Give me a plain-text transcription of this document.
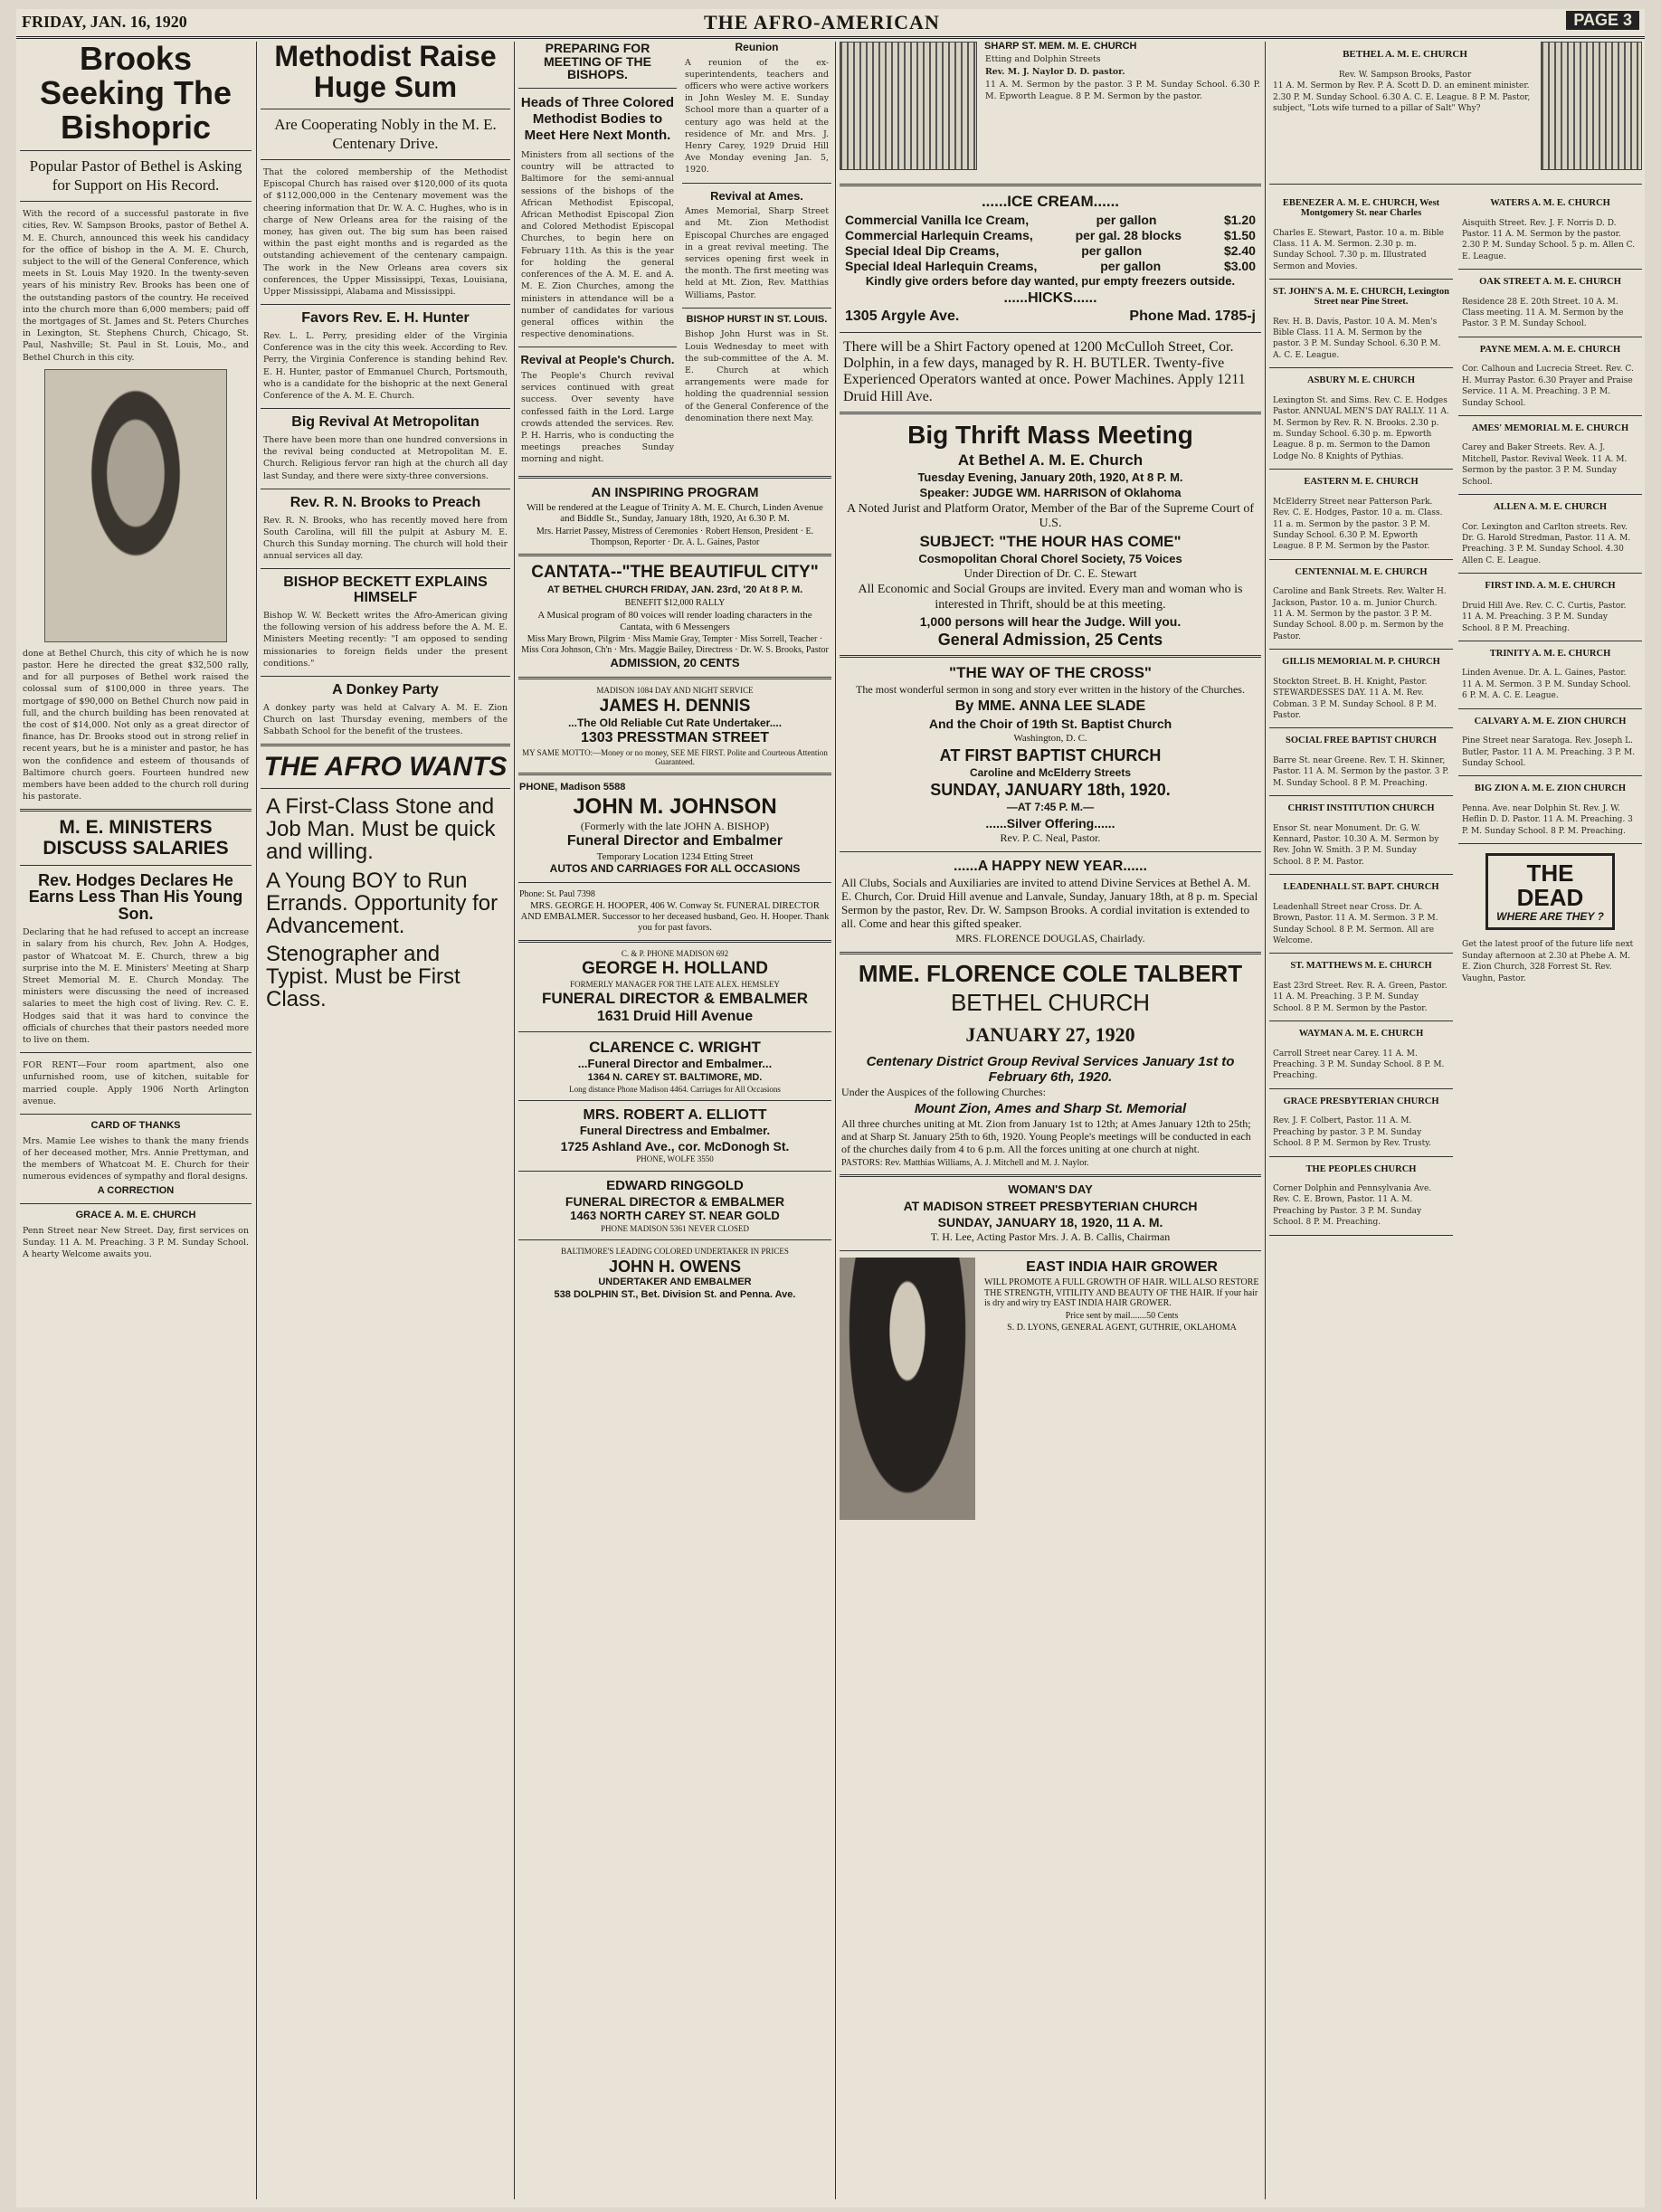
FRIDAY, JAN. 16, 1920	THE AFRO-AMERICAN	PAGE 3
Brooks Seeking The Bishopric

Popular Pastor of Bethel is Asking for Support on His Record.

With the record of a successful pastorate in five cities, Rev. W. Sampson Brooks, pastor of Bethel A. M. E. Church, announced this week his candidacy for the office of bishop in the A. M. E. Church, subject to the will of the General Conference, which meets in St. Louis May 1920. In the twenty-seven years of his ministry Rev. Brooks has been one of the outstanding pastors of the country. He received into the church more than 6,000 members; paid off the mortgages of St. James and St. Peters Churches in Lexington, St. Stephens Church, Chicago, St. Paul, Nashville; St. Paul in St. Louis, Mo., and Bethel Church in this city.

done at Bethel Church, this city of which he is now pastor. Here he directed the great $32,500 rally, and for all purposes of Bethel work raised the colossal sum of $100,000 in three years. The mortgage of $90,000 on Bethel Church now paid in full, and the church building has been renovated at the cost of $14,000. Not only as a great director of finance, has Dr. Brooks stood out in strong relief in recent years, but he is a minister and pastor, he has won the confidence and esteem of thousands of Baltimore church goers. Fourteen hundred new members have been added to the church roll during his pastorate.

M. E. MINISTERS DISCUSS SALARIES
Rev. Hodges Declares He Earns Less Than His Young Son.

Declaring that he had refused to accept an increase in salary from his church, Rev. John A. Hodges, pastor of Whatcoat M. E. Church, threw a big surprise into the M. E. Ministers' Meeting at Sharp Street Memorial M. E. Church Monday. The ministers were discussing the need of increased salaries to meet the high cost of living. Rev. C. E. Hodges said that it was hard to convince the officials of churches that their pastors needed more to live on them.

FOR RENT—Four room apartment, also one unfurnished room, use of kitchen, suitable for married couple. Apply 1906 North Arlington avenue.

CARD OF THANKS

Mrs. Mamie Lee wishes to thank the many friends of her deceased mother, Mrs. Annie Prettyman, and the members of Whatcoat M. E. Church for their numerous evidences of sympathy and floral designs.

A CORRECTION

GRACE A. M. E. CHURCH

Penn Street near New Street. Day, first services on Sunday. 11 A. M. Preaching. 3 P. M. Sunday School. A hearty Welcome awaits you.

Methodist Raise Huge Sum

Are Cooperating Nobly in the M. E. Centenary Drive.

That the colored membership of the Methodist Episcopal Church has raised over $120,000 of its quota of $112,000,000 in the Centenary movement was the cheering information that Dr. W. A. C. Hughes, who is in charge of New Orleans area for the raising of the money, has given out. The big sum has been raised within the past eight months and is regarded as the outstanding achievement of the centenary campaign. The work in the New Orleans area covers six conferences, the Upper Mississippi, Texas, Louisiana, Upper Mississippi, Alabama and Mississippi.

Favors Rev. E. H. Hunter

Rev. L. L. Perry, presiding elder of the Virginia Conference was in the city this week. According to Rev. Perry, the Virginia Conference is standing behind Rev. E. H. Hunter, pastor of Emmanuel Church, Portsmouth, who is a candidate for the bishopric at the next General Conference of the A. M. E. Church.

Big Revival At Metropolitan

There have been more than one hundred conversions in the revival being conducted at Metropolitan M. E. Church. Religious fervor ran high at the church all day last Sunday, and there were sixty-three conversions.

Rev. R. N. Brooks to Preach

Rev. R. N. Brooks, who has recently moved here from South Carolina, will fill the pulpit at Asbury M. E. Church this Sunday morning. The church will hold their annual services all day.

BISHOP BECKETT EXPLAINS HIMSELF

Bishop W. W. Beckett writes the Afro-American giving the following version of his address before the A. M. E. Ministers Meeting recently: "I am opposed to sending missionaries to foreign fields under the present conditions."

A Donkey Party

A donkey party was held at Calvary A. M. E. Zion Church on last Thursday evening, members of the Sabbath School for the benefit of the trustees.

THE AFRO WANTS

A First-Class Stone and Job Man. Must be quick and willing.

A Young BOY to Run Errands. Opportunity for Advancement.

Stenographer and Typist. Must be First Class.

PREPARING FOR MEETING OF THE BISHOPS.

Heads of Three Colored Methodist Bodies to Meet Here Next Month.

Ministers from all sections of the country will be attracted to Baltimore for the semi-annual sessions of the bishops of the African Methodist Episcopal, African Methodist Episcopal Zion and Colored Methodist Episcopal Churches, to begin here on February 11th. As this is the year for holding the general conferences of the A. M. E. and A. M. E. Zion Churches, among the ministers in attendance will be a number of candidates for various general offices within the respective denominations.

Revival at People's Church.

The People's Church revival services continued with great success. Over seventy have confessed faith in the Lord. Large crowds attended the services. Rev. P. H. Harris, who is conducting the meetings preaches Sunday morning and night.

Reunion

A reunion of the ex-superintendents, teachers and officers who were active workers in John Wesley M. E. Sunday School more than a quarter of a century ago was held at the residence of Mr. and Mrs. J. Henry Carey, 1929 Druid Hill Ave Monday evening Jan. 5, 1920.

Revival at Ames.

Ames Memorial, Sharp Street and Mt. Zion Methodist Episcopal Churches are engaged in a great revival meeting. The services opening first week in the month. The first meeting was held at Mt. Zion, Rev. Matthias Williams, Pastor.

BISHOP HURST IN ST. LOUIS.

Bishop John Hurst was in St. Louis Wednesday to meet with the sub-committee of the A. M. E. Church at which arrangements were made for holding the quadrennial session of the General Conference of the denomination there next May.

AN INSPIRING PROGRAM

Will be rendered at the League of Trinity A. M. E. Church, Linden Avenue and Biddle St., Sunday, January 18th, 1920, At 6.30 P. M.

Mrs. Harriet Passey, Mistress of Ceremonies · Robert Henson, President · E. Thompson, Reporter · Dr. A. L. Gaines, Pastor

CANTATA--"THE BEAUTIFUL CITY"

AT BETHEL CHURCH FRIDAY, JAN. 23rd, '20 At 8 P. M.

BENEFIT $12,000 RALLY

A Musical program of 80 voices will render loading characters in the Cantata, with 6 Messengers

Miss Mary Brown, Pilgrim · Miss Mamie Gray, Tempter · Miss Sorrell, Teacher · Miss Cora Johnson, Ch'n · Mrs. Maggie Bailey, Directress · Dr. W. S. Brooks, Pastor

ADMISSION, 20 CENTS

MADISON 1084 DAY AND NIGHT SERVICE

JAMES H. DENNIS

...The Old Reliable Cut Rate Undertaker....

1303 PRESSTMAN STREET

MY SAME MOTTO:—Money or no money, SEE ME FIRST. Polite and Courteous Attention Guaranteed.

PHONE, Madison 5588

JOHN M. JOHNSON

(Formerly with the late JOHN A. BISHOP)

Funeral Director and Embalmer

Temporary Location 1234 Etting Street

AUTOS AND CARRIAGES FOR ALL OCCASIONS

Phone: St. Paul 7398

MRS. GEORGE H. HOOPER, 406 W. Conway St. FUNERAL DIRECTOR AND EMBALMER. Successor to her deceased husband, Geo. H. Hooper. Thank you for past favors.

C. & P. PHONE MADISON 692

GEORGE H. HOLLAND

FORMERLY MANAGER FOR THE LATE ALEX. HEMSLEY

FUNERAL DIRECTOR & EMBALMER

1631 Druid Hill Avenue

CLARENCE C. WRIGHT

...Funeral Director and Embalmer...

1364 N. CAREY ST. BALTIMORE, MD.

Long distance Phone Madison 4464. Carriages for All Occasions

MRS. ROBERT A. ELLIOTT

Funeral Directress and Embalmer.

1725 Ashland Ave., cor. McDonogh St.

PHONE, WOLFE 3550

EDWARD RINGGOLD

FUNERAL DIRECTOR & EMBALMER

1463 NORTH CAREY ST. NEAR GOLD

PHONE MADISON 5361 NEVER CLOSED

BALTIMORE'S LEADING COLORED UNDERTAKER IN PRICES

JOHN H. OWENS

UNDERTAKER AND EMBALMER

538 DOLPHIN ST., Bet. Division St. and Penna. Ave.

SHARP ST. MEM. M. E. CHURCH

Etting and Dolphin Streets

Rev. M. J. Naylor D. D. pastor.

11 A. M. Sermon by the pastor. 3 P. M. Sunday School. 6.30 P. M. Epworth League. 8 P. M. Sermon by the pastor.

......ICE CREAM......

Commercial Vanilla Ice Cream,	per gallon	$1.20
Commercial Harlequin Creams,	per gal. 28 blocks	$1.50
Special Ideal Dip Creams,	per gallon	$2.40
Special Ideal Harlequin Creams,	per gallon	$3.00

Kindly give orders before day wanted, pur empty freezers outside.

......HICKS......

1305 Argyle Ave.	Phone Mad. 1785-j

There will be a Shirt Factory opened at 1200 McCulloh Street, Cor. Dolphin, in a few days, managed by R. H. BUTLER. Twenty-five Experienced Operators wanted at once. Power Machines. Apply 1211 Druid Hill Ave.

Big Thrift Mass Meeting

At Bethel A. M. E. Church

Tuesday Evening, January 20th, 1920, At 8 P. M.

Speaker: JUDGE WM. HARRISON of Oklahoma

A Noted Jurist and Platform Orator, Member of the Bar of the Supreme Court of U.S.

SUBJECT: "THE HOUR HAS COME"

Cosmopolitan Choral Chorel Society, 75 Voices

Under Direction of Dr. C. E. Stewart

All Economic and Social Groups are invited. Every man and woman who is interested in Thrift, should be at this meeting.

1,000 persons will hear the Judge. Will you.

General Admission, 25 Cents

"THE WAY OF THE CROSS"

The most wonderful sermon in song and story ever written in the history of the Churches.

By MME. ANNA LEE SLADE

And the Choir of 19th St. Baptist Church

Washington, D. C.

AT FIRST BAPTIST CHURCH

Caroline and McElderry Streets

SUNDAY, JANUARY 18th, 1920.

—AT 7:45 P. M.—

......Silver Offering......

Rev. P. C. Neal, Pastor.

......A HAPPY NEW YEAR......

All Clubs, Socials and Auxiliaries are invited to attend Divine Services at Bethel A. M. E. Church, Cor. Druid Hill avenue and Lanvale, Sunday, January 18th, at 8 p. m. Special Sermon by the pastor, Rev. Dr. W. Sampson Brooks. A cordial invitation is extended to all. Come and hear this gifted speaker.

MRS. FLORENCE DOUGLAS, Chairlady.

MME. FLORENCE COLE TALBERT

BETHEL CHURCH

JANUARY 27, 1920

Centenary District Group Revival Services January 1st to February 6th, 1920.

Under the Auspices of the following Churches:

Mount Zion, Ames and Sharp St. Memorial

All three churches uniting at Mt. Zion from January 1st to 12th; at Ames January 12th to 25th; and at Sharp St. January 25th to 6th, 1920. Young People's meetings will be conducted in each of the churches daily from 4 to 6 p.m. All the forces uniting at one church at night.

PASTORS: Rev. Matthias Williams, A. J. Mitchell and M. J. Naylor.

WOMAN'S DAY

AT MADISON STREET PRESBYTERIAN CHURCH

SUNDAY, JANUARY 18, 1920, 11 A. M.

T. H. Lee, Acting Pastor Mrs. J. A. B. Callis, Chairman

EAST INDIA HAIR GROWER

WILL PROMOTE A FULL GROWTH OF HAIR. WILL ALSO RESTORE THE STRENGTH, VITILITY AND BEAUTY OF THE HAIR. If your hair is dry and wiry try EAST INDIA HAIR GROWER.

Price sent by mail.......50 Cents

S. D. LYONS, GENERAL AGENT, GUTHRIE, OKLAHOMA

BETHEL A. M. E. CHURCH

Rev. W. Sampson Brooks, Pastor

11 A. M. Sermon by Rev. P. A. Scott D. D. an eminent minister. 2.30 P. M. Sunday School. 6.30 A. C. E. League. 8 P. M. Pastor, subject, "Lots wife turned to a pillar of Salt" Why?

EBENEZER A. M. E. CHURCH, West Montgomery St. near Charles

Charles E. Stewart, Pastor. 10 a. m. Bible Class. 11 A. M. Sermon. 2.30 p. m. Sunday School. 7.30 p. m. Illustrated Sermon and Movies.

ST. JOHN'S A. M. E. CHURCH, Lexington Street near Pine Street.

Rev. H. B. Davis, Pastor. 10 A. M. Men's Bible Class. 11 A. M. Sermon by the pastor. 3 P. M. Sunday School. 6.30 P. M. A. C. E. League.

ASBURY M. E. CHURCH

Lexington St. and Sims. Rev. C. E. Hodges Pastor. ANNUAL MEN'S DAY RALLY. 11 A. M. Sermon by Rev. R. N. Brooks. 2.30 p. m. Sunday School. 6.30 p. m. Epworth League. 8 p. m. Sermon to the Damon Lodge No. 8 Knights of Pythias.

EASTERN M. E. CHURCH

McElderry Street near Patterson Park. Rev. C. E. Hodges, Pastor. 10 a. m. Class. 11 a. m. Sermon by the pastor. 3 P. M. Sunday School. 6.30 P. M. Epworth League. 8 P. M. Sermon by the Pastor.

CENTENNIAL M. E. CHURCH

Caroline and Bank Streets. Rev. Walter H. Jackson, Pastor. 10 a. m. Junior Church. 11 A. M. Sermon by the pastor. 3 P. M. Sunday School. 8.00 p. m. Sermon by the Pastor.

GILLIS MEMORIAL M. P. CHURCH

Stockton Street. B. H. Knight, Pastor. STEWARDESSES DAY. 11 A. M. Rev. Cobman. 3 P. M. Sunday School. 8 P. M. Pastor.

SOCIAL FREE BAPTIST CHURCH

Barre St. near Greene. Rev. T. H. Skinner, Pastor. 11 A. M. Sermon by the pastor. 3 P. M. Sunday School. 8 P. M. Preaching.

CHRIST INSTITUTION CHURCH

Ensor St. near Monument. Dr. G. W. Kennard, Pastor. 10.30 A. M. Sermon by Rev. John W. Smith. 3 P. M. Sunday School. 8 P. M. Pastor.

LEADENHALL ST. BAPT. CHURCH

Leadenhall Street near Cross. Dr. A. Brown, Pastor. 11 A. M. Sermon. 3 P. M. Sunday School. 8 P. M. Sermon. All are Welcome.

ST. MATTHEWS M. E. CHURCH

East 23rd Street. Rev. R. A. Green, Pastor. 11 A. M. Preaching. 3 P. M. Sunday School. 8 P. M. Sermon by the Pastor.

WAYMAN A. M. E. CHURCH

Carroll Street near Carey. 11 A. M. Preaching. 3 P. M. Sunday School. 8 P. M. Preaching.

GRACE PRESBYTERIAN CHURCH

Rev. J. F. Colbert, Pastor. 11 A. M. Preaching by pastor. 3 P. M. Sunday School. 8 P. M. Sermon by Rev. Trusty.

THE PEOPLES CHURCH

Corner Dolphin and Pennsylvania Ave. Rev. C. E. Brown, Pastor. 11 A. M. Preaching by Pastor. 3 P. M. Sunday School. 8 P. M. Preaching.

WATERS A. M. E. CHURCH

Aisquith Street. Rev. J. F. Norris D. D. Pastor. 11 A. M. Sermon by the pastor. 2.30 P. M. Sunday School. 5 p. m. Allen C. E. League.

OAK STREET A. M. E. CHURCH

Residence 28 E. 20th Street. 10 A. M. Class meeting. 11 A. M. Sermon by the Pastor. 3 P. M. Sunday School.

PAYNE MEM. A. M. E. CHURCH

Cor. Calhoun and Lucrecia Street. Rev. C. H. Murray Pastor. 6.30 Prayer and Praise Service. 11 A. M. Preaching. 3 P. M. Sunday School.

AMES' MEMORIAL M. E. CHURCH

Carey and Baker Streets. Rev. A. J. Mitchell, Pastor. Revival Week. 11 A. M. Sermon by the pastor. 3 P. M. Sunday School.

ALLEN A. M. E. CHURCH

Cor. Lexington and Carlton streets. Rev. Dr. G. Harold Stredman, Pastor. 11 A. M. Preaching. 3 P. M. Sunday School. 4.30 Allen C. E. League.

FIRST IND. A. M. E. CHURCH

Druid Hill Ave. Rev. C. C. Curtis, Pastor. 11 A. M. Preaching. 3 P. M. Sunday School. 8 P. M. Preaching.

TRINITY A. M. E. CHURCH

Linden Avenue. Dr. A. L. Gaines, Pastor. 11 A. M. Sermon. 3 P. M. Sunday School. 6 P. M. A. C. E. League.

CALVARY A. M. E. ZION CHURCH

Pine Street near Saratoga. Rev. Joseph L. Butler, Pastor. 11 A. M. Preaching. 3 P. M. Sunday School.

BIG ZION A. M. E. ZION CHURCH

Penna. Ave. near Dolphin St. Rev. J. W. Heflin D. D. Pastor. 11 A. M. Preaching. 3 P. M. Sunday School. 8 P. M. Preaching.

THE DEAD

WHERE ARE THEY ?

Get the latest proof of the future life next Sunday afternoon at 2.30 at Phebe A. M. E. Zion Church, 328 Forrest St. Rev. Vaughn, Pastor.
